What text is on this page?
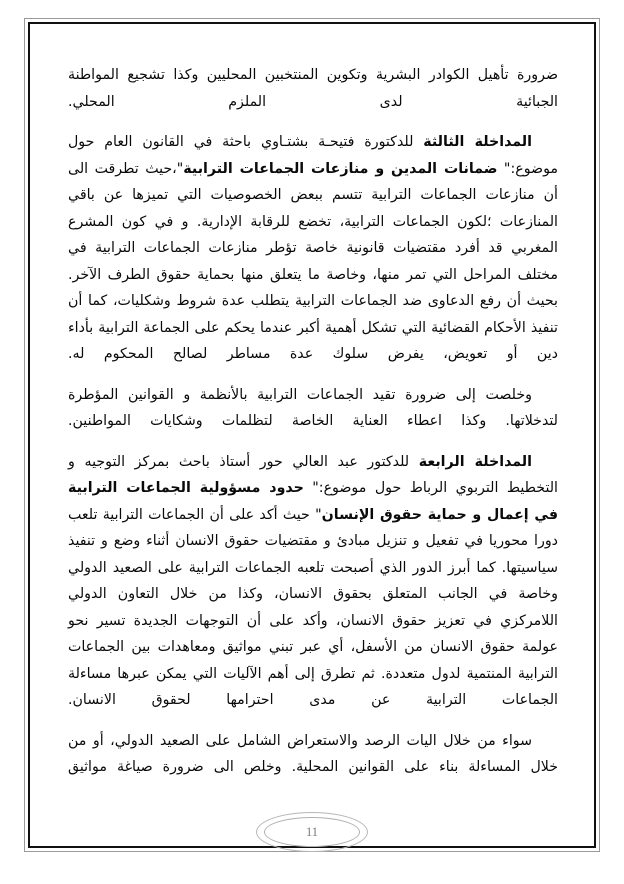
ضرورة تأهيل الكوادر البشرية وتكوين المنتخبين المحليين وكذا تشجيع المواطنة الجبائية لدى الملزم المحلي.

المداخلة الثالثة للدكتورة فتيحـة بشتـاوي باحثة في القانون العام حول موضوع:" ضمانات المدين و منازعات الجماعات الترابية"،حيث تطرقت الى أن منازعات الجماعات الترابية تتسم ببعض الخصوصيات التي تميزها عن باقي المنازعات ؛لكون الجماعات الترابية، تخضع للرقابة الإدارية. و في كون المشرع المغربي قد أفرد مقتضيات قانونية خاصة تؤطر منازعات الجماعات الترابية في مختلف المراحل التي تمر منها، وخاصة ما يتعلق منها بحماية حقوق الطرف الآخر. بحيث أن رفع الدعاوى ضد الجماعات الترابية يتطلب عدة شروط وشكليات، كما أن تنفيذ الأحكام القضائية التي تشكل أهمية أكبر عندما يحكم على الجماعة الترابية بأداء دين أو تعويض، يفرض سلوك عدة مساطر لصالح المحكوم له.

وخلصت إلى ضرورة تقيد الجماعات الترابية بالأنظمة و القوانين المؤطرة لتدخلاتها. وكذا اعطاء العناية الخاصة لتظلمات وشكايات المواطنين.

المداخلة الرابعة للدكتور عبد العالي حور أستاذ باحث بمركز التوجيه و التخطيط التربوي الرباط حول موضوع:" حدود مسؤولية الجماعات الترابية في إعمال و حماية حقوق الإنسان" حيث أكد على أن الجماعات الترابية تلعب دورا محوريا في تفعيل و تنزيل مبادئ و مقتضيات حقوق الانسان أثناء وضع و تنفيذ سياسيتها. كما أبرز الدور الذي أصبحت تلعبه الجماعات الترابية على الصعيد الدولي وخاصة في الجانب المتعلق بحقوق الانسان، وكذا من خلال التعاون الدولي اللامركزي في تعزيز حقوق الانسان، وأكد على أن التوجهات الجديدة تسير نحو عولمة حقوق الانسان من الأسفل، أي عبر تبني مواثيق ومعاهدات بين الجماعات الترابية المنتمية لدول متعددة. ثم تطرق إلى أهم الآليات التي يمكن عبرها مساءلة الجماعات الترابية عن مدى احترامها لحقوق الانسان.

سواء من خلال اليات الرصد والاستعراض الشامل على الصعيد الدولي، أو من خلال المساءلة بناء على القوانين المحلية. وخلص الى ضرورة صياغة مواثيق

11
